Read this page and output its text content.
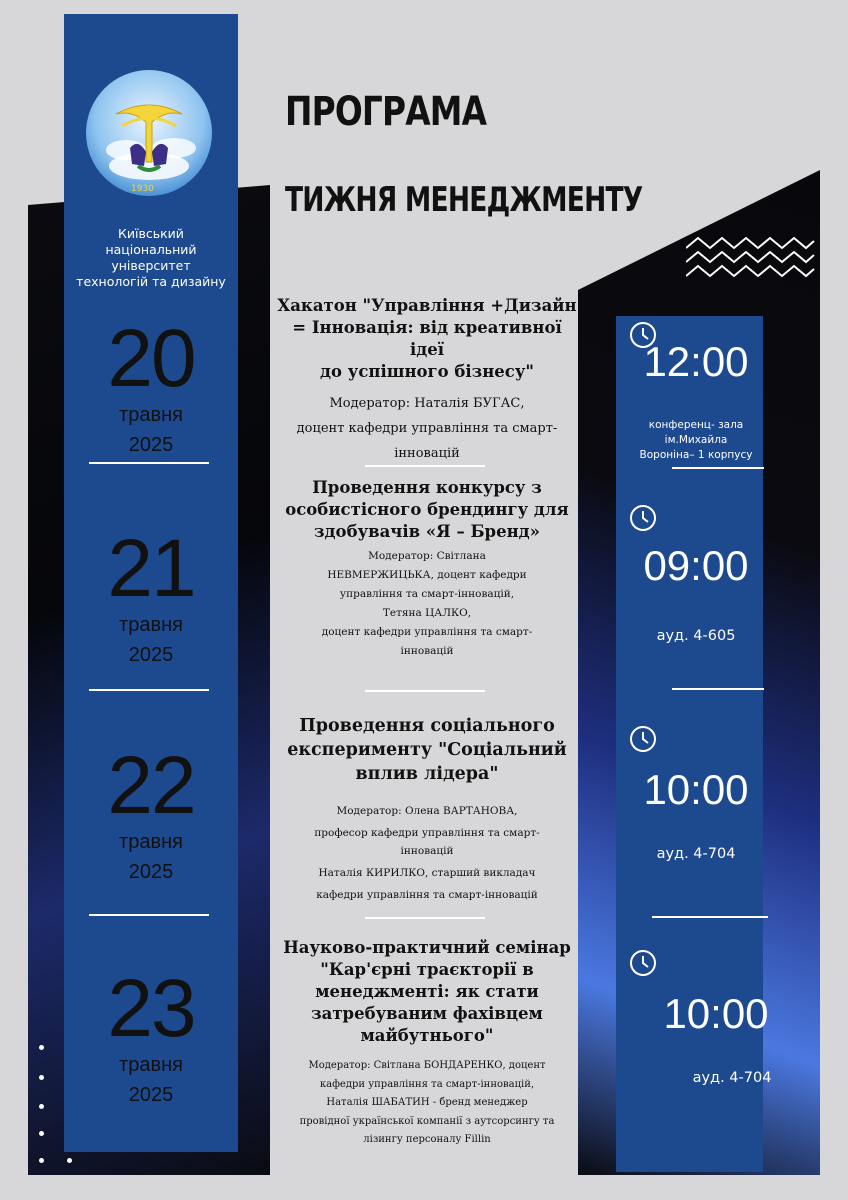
1930
Київський
національний
університет
технологій та дизайну
20
травня
2025
21
травня
2025
22
травня
2025
23
травня
2025
ПРОГРАМА
ТИЖНЯ МЕНЕДЖМЕНТУ
Хакатон "Управління +Дизайн
= Інновація: від креативної ідеї
до успішного бізнесу"
Модератор: Наталія БУГАС,
доцент кафедри управління та смарт-
інновацій
Проведення конкурсу з
особистісного брендингу для
здобувачів «Я – Бренд»
Модератор: Світлана
НЕВМЕРЖИЦЬКА, доцент кафедри
управління та смарт-інновацій,
Тетяна ЦАЛКО,
доцент кафедри управління та смарт-
інновацій
Проведення соціального
експерименту "Соціальний
вплив лідера"
Модератор: Олена ВАРТАНОВА,
професор кафедри управління та смарт-
інновацій
Наталія КИРИЛКО, старший викладач
кафедри управління та смарт-інновацій
Науково-практичний семінар
"Кар'єрні траєкторії в
менеджменті: як стати
затребуваним фахівцем
майбутнього"
Модератор: Світлана БОНДАРЕНКО, доцент
кафедри управління та смарт-інновацій,
Наталія ШАБАТИН - бренд менеджер
провідної української компанії з аутсорсингу та
лізингу персоналу Fillin
12:00
конференц- зала ім.Михайла
Вороніна– 1 корпусу
09:00
ауд. 4-605
10:00
ауд. 4-704
10:00
ауд. 4-704
